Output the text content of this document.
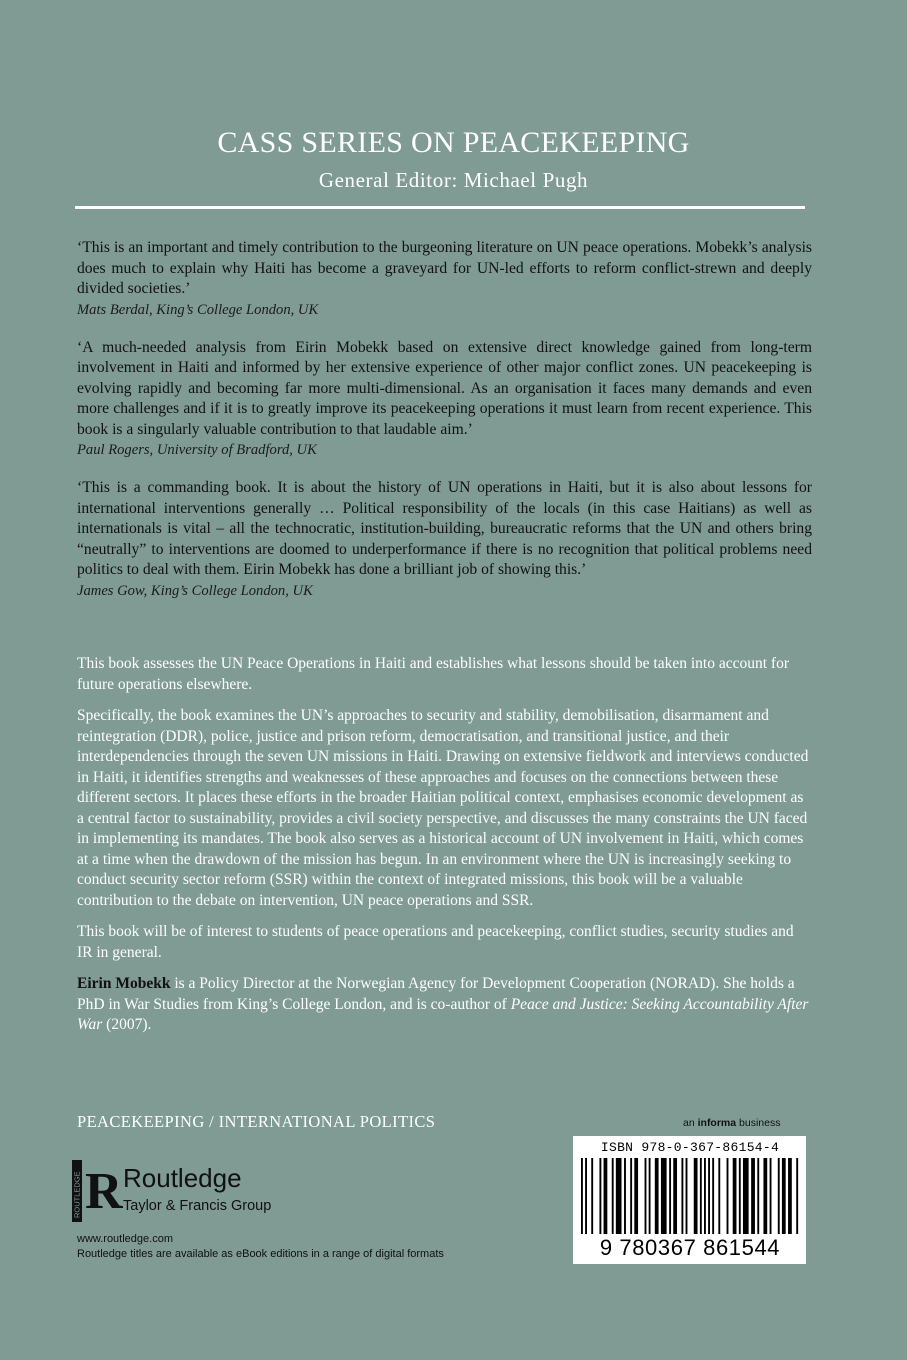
CASS SERIES ON PEACEKEEPING
General Editor: Michael Pugh
‘This is an important and timely contribution to the burgeoning literature on UN peace operations. Mobekk’s analysis does much to explain why Haiti has become a graveyard for UN-led efforts to reform conflict-strewn and deeply divided societies.’
Mats Berdal, King’s College London, UK
‘A much-needed analysis from Eirin Mobekk based on extensive direct knowledge gained from long-term involvement in Haiti and informed by her extensive experience of other major conflict zones. UN peacekeeping is evolving rapidly and becoming far more multi-dimensional. As an organisation it faces many demands and even more challenges and if it is to greatly improve its peacekeeping operations it must learn from recent experience. This book is a singularly valuable contribution to that laudable aim.’
Paul Rogers, University of Bradford, UK
‘This is a commanding book. It is about the history of UN operations in Haiti, but it is also about lessons for international interventions generally … Political responsibility of the locals (in this case Haitians) as well as internationals is vital – all the technocratic, institution-building, bureaucratic reforms that the UN and others bring “neutrally” to interventions are doomed to underperformance if there is no recognition that political problems need politics to deal with them. Eirin Mobekk has done a brilliant job of showing this.’
James Gow, King’s College London, UK

This book assesses the UN Peace Operations in Haiti and establishes what lessons should be taken into account for future operations elsewhere.

Specifically, the book examines the UN’s approaches to security and stability, demobilisation, disarmament and reintegration (DDR), police, justice and prison reform, democratisation, and transitional justice, and their interdependencies through the seven UN missions in Haiti. Drawing on extensive fieldwork and interviews conducted in Haiti, it identifies strengths and weaknesses of these approaches and focuses on the connections between these different sectors. It places these efforts in the broader Haitian political context, emphasises economic development as a central factor to sustainability, provides a civil society perspective, and discusses the many constraints the UN faced in implementing its mandates. The book also serves as a historical account of UN involvement in Haiti, which comes at a time when the drawdown of the mission has begun. In an environment where the UN is increasingly seeking to conduct security sector reform (SSR) within the context of integrated missions, this book will be a valuable contribution to the debate on intervention, UN peace operations and SSR.

This book will be of interest to students of peace operations and peacekeeping, conflict studies, security studies and IR in general.

Eirin Mobekk is a Policy Director at the Norwegian Agency for Development Cooperation (NORAD). She holds a PhD in War Studies from King’s College London, and is co-author of Peace and Justice: Seeking Accountability After War (2007).

PEACEKEEPING / INTERNATIONAL POLITICS	an informa business
ROUTLEDGE R Routledge
Taylor & Francis Group
www.routledge.com
Routledge titles are available as eBook editions in a range of digital formats
ISBN 978-0-367-86154-4
9 780367 861544
